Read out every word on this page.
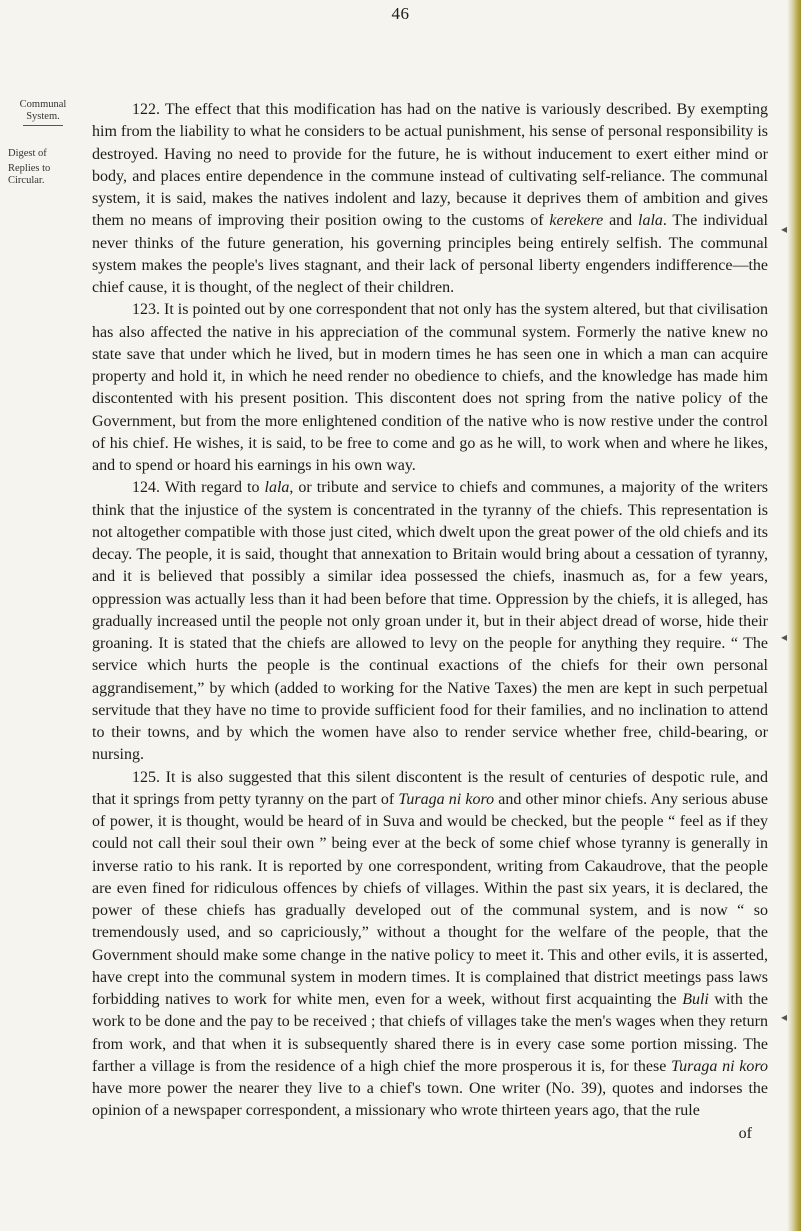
46
Communal System.
Digest of
Replies to Circular.

122. The effect that this modification has had on the native is variously described. By exempting him from the liability to what he considers to be actual punishment, his sense of personal responsibility is destroyed. Having no need to provide for the future, he is without inducement to exert either mind or body, and places entire dependence in the commune instead of cultivating self-reliance. The communal system, it is said, makes the natives indolent and lazy, because it deprives them of ambition and gives them no means of improving their position owing to the customs of kerekere and lala. The individual never thinks of the future generation, his governing principles being entirely selfish. The communal system makes the people's lives stagnant, and their lack of personal liberty engenders indifference—the chief cause, it is thought, of the neglect of their children.

123. It is pointed out by one correspondent that not only has the system altered, but that civilisation has also affected the native in his appreciation of the communal system. Formerly the native knew no state save that under which he lived, but in modern times he has seen one in which a man can acquire property and hold it, in which he need render no obedience to chiefs, and the knowledge has made him discontented with his present position. This discontent does not spring from the native policy of the Government, but from the more enlightened condition of the native who is now restive under the control of his chief. He wishes, it is said, to be free to come and go as he will, to work when and where he likes, and to spend or hoard his earnings in his own way.

124. With regard to lala, or tribute and service to chiefs and communes, a majority of the writers think that the injustice of the system is concentrated in the tyranny of the chiefs. This representation is not altogether compatible with those just cited, which dwelt upon the great power of the old chiefs and its decay. The people, it is said, thought that annexation to Britain would bring about a cessation of tyranny, and it is believed that possibly a similar idea possessed the chiefs, inasmuch as, for a few years, oppression was actually less than it had been before that time. Oppression by the chiefs, it is alleged, has gradually increased until the people not only groan under it, but in their abject dread of worse, hide their groaning. It is stated that the chiefs are allowed to levy on the people for anything they require. “ The service which hurts the people is the continual exactions of the chiefs for their own personal aggrandisement,” by which (added to working for the Native Taxes) the men are kept in such perpetual servitude that they have no time to provide sufficient food for their families, and no inclination to attend to their towns, and by which the women have also to render service whether free, child-bearing, or nursing.

125. It is also suggested that this silent discontent is the result of centuries of despotic rule, and that it springs from petty tyranny on the part of Turaga ni koro and other minor chiefs. Any serious abuse of power, it is thought, would be heard of in Suva and would be checked, but the people “ feel as if they could not call their soul their own ” being ever at the beck of some chief whose tyranny is generally in inverse ratio to his rank. It is reported by one correspondent, writing from Cakaudrove, that the people are even fined for ridiculous offences by chiefs of villages. Within the past six years, it is declared, the power of these chiefs has gradually developed out of the communal system, and is now “ so tremendously used, and so capriciously,” without a thought for the welfare of the people, that the Government should make some change in the native policy to meet it. This and other evils, it is asserted, have crept into the communal system in modern times. It is complained that district meetings pass laws forbidding natives to work for white men, even for a week, without first acquainting the Buli with the work to be done and the pay to be received ; that chiefs of villages take the men's wages when they return from work, and that when it is subsequently shared there is in every case some portion missing. The farther a village is from the residence of a high chief the more prosperous it is, for these Turaga ni koro have more power the nearer they live to a chief's town. One writer (No. 39), quotes and indorses the opinion of a newspaper correspondent, a missionary who wrote thirteen years ago, that the rule

of
◂
◂
◂
